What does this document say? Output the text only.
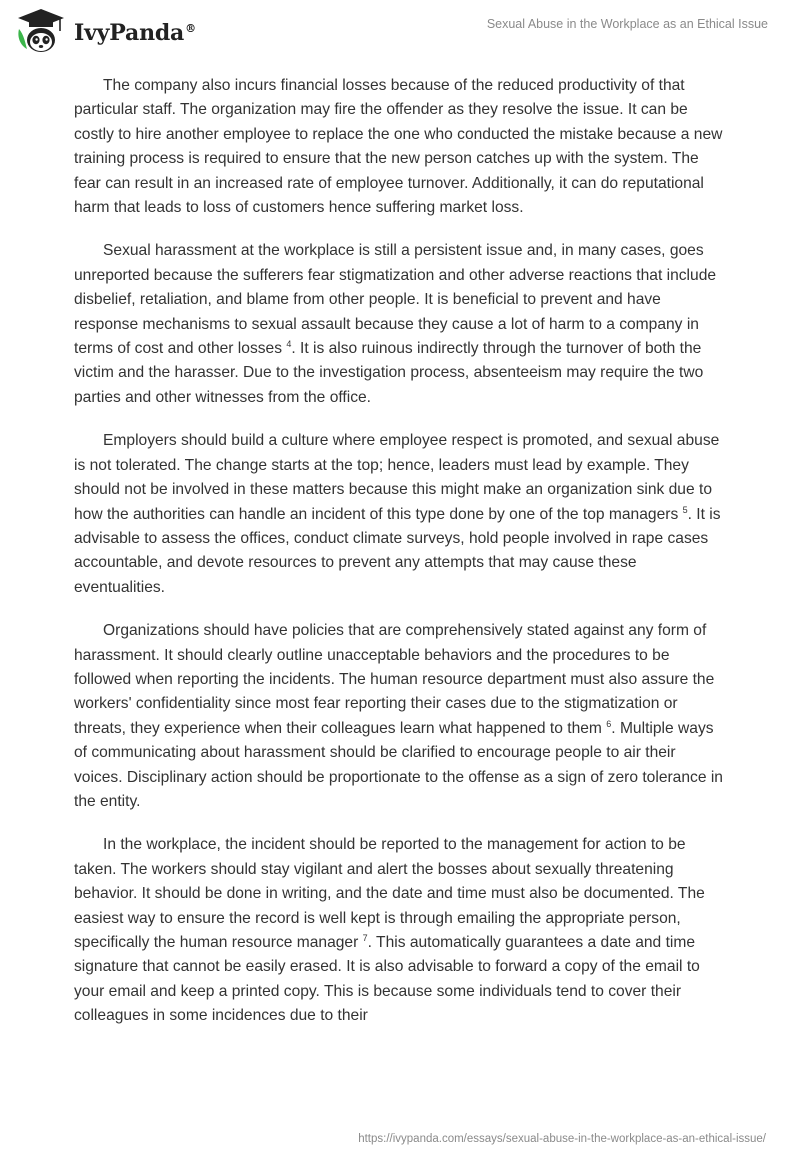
IvyPanda®	Sexual Abuse in the Workplace as an Ethical Issue

The company also incurs financial losses because of the reduced productivity of that particular staff. The organization may fire the offender as they resolve the issue. It can be costly to hire another employee to replace the one who conducted the mistake because a new training process is required to ensure that the new person catches up with the system. The fear can result in an increased rate of employee turnover. Additionally, it can do reputational harm that leads to loss of customers hence suffering market loss.

Sexual harassment at the workplace is still a persistent issue and, in many cases, goes unreported because the sufferers fear stigmatization and other adverse reactions that include disbelief, retaliation, and blame from other people. It is beneficial to prevent and have response mechanisms to sexual assault because they cause a lot of harm to a company in terms of cost and other losses $^4$. It is also ruinous indirectly through the turnover of both the victim and the harasser. Due to the investigation process, absenteeism may require the two parties and other witnesses from the office.

Employers should build a culture where employee respect is promoted, and sexual abuse is not tolerated. The change starts at the top; hence, leaders must lead by example. They should not be involved in these matters because this might make an organization sink due to how the authorities can handle an incident of this type done by one of the top managers $^5$. It is advisable to assess the offices, conduct climate surveys, hold people involved in rape cases accountable, and devote resources to prevent any attempts that may cause these eventualities.

Organizations should have policies that are comprehensively stated against any form of harassment. It should clearly outline unacceptable behaviors and the procedures to be followed when reporting the incidents. The human resource department must also assure the workers' confidentiality since most fear reporting their cases due to the stigmatization or threats, they experience when their colleagues learn what happened to them $^6$. Multiple ways of communicating about harassment should be clarified to encourage people to air their voices. Disciplinary action should be proportionate to the offense as a sign of zero tolerance in the entity.

In the workplace, the incident should be reported to the management for action to be taken. The workers should stay vigilant and alert the bosses about sexually threatening behavior. It should be done in writing, and the date and time must also be documented. The easiest way to ensure the record is well kept is through emailing the appropriate person, specifically the human resource manager $^7$. This automatically guarantees a date and time signature that cannot be easily erased. It is also advisable to forward a copy of the email to your email and keep a printed copy. This is because some individuals tend to cover their colleagues in some incidences due to their

https://ivypanda.com/essays/sexual-abuse-in-the-workplace-as-an-ethical-issue/
